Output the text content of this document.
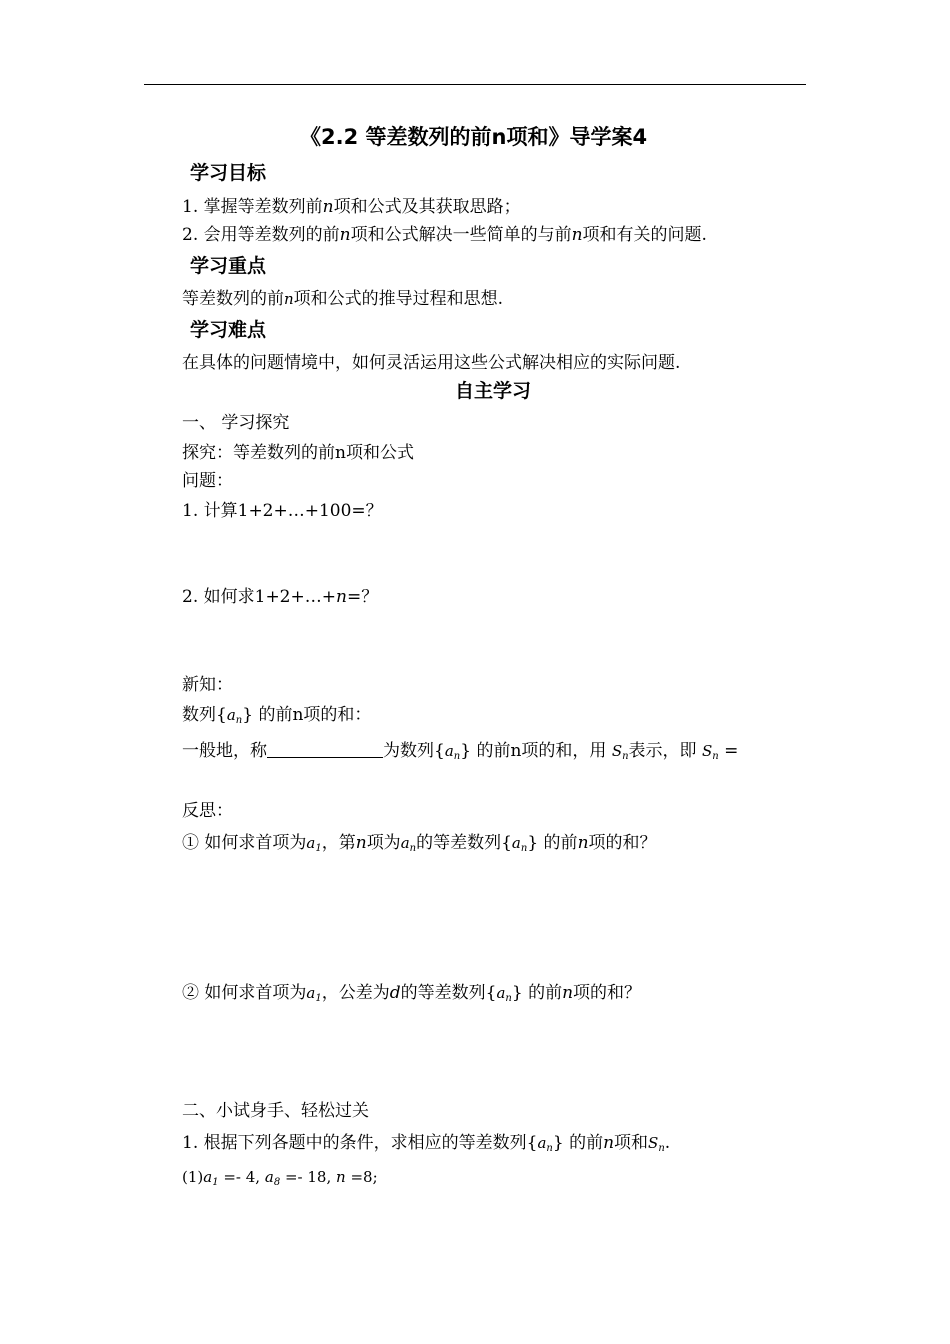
《2.2 等差数列的前n项和》导学案4
学习目标
1. 掌握等差数列前n项和公式及其获取思路；
2. 会用等差数列的前n项和公式解决一些简单的与前n项和有关的问题.
学习重点
等差数列的前n项和公式的推导过程和思想.
学习难点
在具体的问题情境中，如何灵活运用这些公式解决相应的实际问题.
自主学习
一、 学习探究
探究：等差数列的前n项和公式
问题：
1. 计算1+2+…+100=？
2. 如何求1+2+…+n=？
新知：
数列$\{a_n\}$ 的前n项的和：
一般地，称	为数列$\{a_n\}$ 的前n项的和，用 $S_n$表示，即 $S_n$ =
反思：
① 如何求首项为$a_1$，第n项为$a_n$的等差数列$\{a_n\}$ 的前n项的和？
② 如何求首项为$a_1$，公差为d的等差数列$\{a_n\}$ 的前n项的和？
二、小试身手、轻松过关
1. 根据下列各题中的条件，求相应的等差数列$\{a_n\}$ 的前n项和$S_n$.
$(1)a_1 =- 4$, $a_8 =- 18$, n =8;
